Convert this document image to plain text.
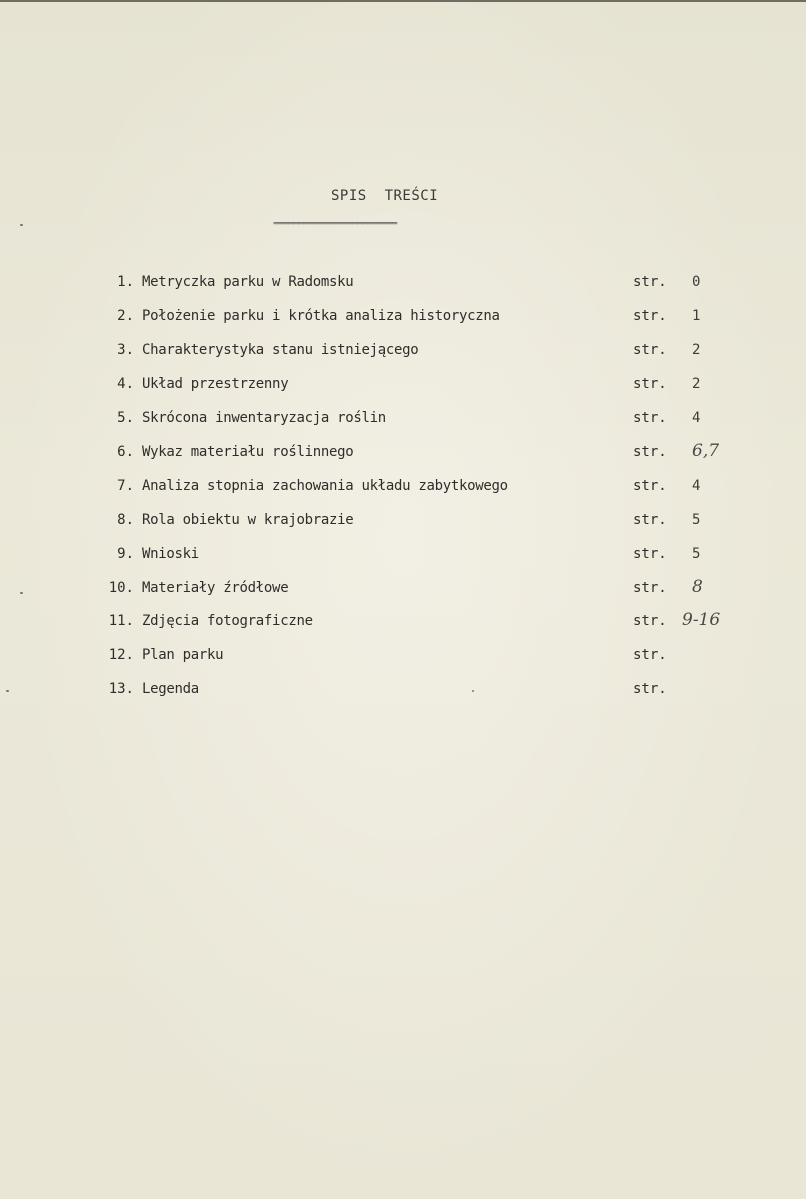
SPIS  TREŚCI
=========================
1. Metryczka parku w Radomsku	str. 0
2. Położenie parku i krótka analiza historyczna	str. 1
3. Charakterystyka stanu istniejącego	str. 2
4. Układ przestrzenny	str. 2
5. Skrócona inwentaryzacja roślin	str. 4
6. Wykaz materiału roślinnego	str. 6,7
7. Analiza stopnia zachowania układu zabytkowego	str. 4
8. Rola obiektu w krajobrazie	str. 5
9. Wnioski	str. 5
10. Materiały źródłowe	str. 8
11. Zdjęcia fotograficzne	str. 9-16
12. Plan parku	str.
13. Legenda	str.
